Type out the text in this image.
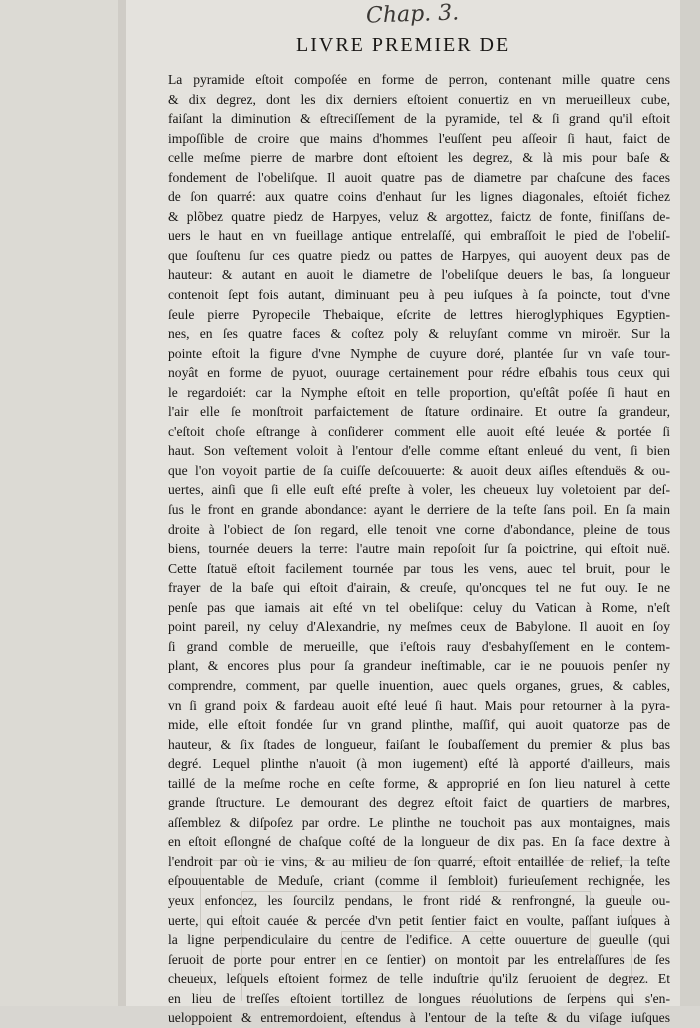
Chap. 3.
LIVRE PREMIER DE
La pyramide eſtoit compoſée en forme de perron, contenant mille quatre cens
& dix degrez, dont les dix derniers eſtoient conuertiz en vn merueilleux cube,
faiſant la diminution & eſtreciſſement de la pyramide, tel & ſi grand qu'il eſtoit
impoſſible de croire que mains d'hommes l'euſſent peu aſſeoir ſi haut, faict de
celle meſme pierre de marbre dont eſtoient les degrez, & là mis pour baſe &
fondement de l'obeliſque. Il auoit quatre pas de diametre par chaſcune des faces
de ſon quarré: aux quatre coins d'enhaut ſur les lignes diagonales, eſtoiét fichez
& plõbez quatre piedz de Harpyes, veluz & argottez, faictz de fonte, finiſſans de-
uers le haut en vn fueillage antique entrelaſſé, qui embraſſoit le pied de l'obeliſ-
que ſouſtenu ſur ces quatre piedz ou pattes de Harpyes, qui auoyent deux pas de
hauteur: & autant en auoit le diametre de l'obeliſque deuers le bas, ſa longueur
contenoit ſept fois autant, diminuant peu à peu iuſques à ſa poincte, tout d'vne
ſeule pierre Pyropecile Thebaique, eſcrite de lettres hieroglyphiques Egyptien-
nes, en ſes quatre faces & coſtez poly & reluyſant comme vn miroër. Sur la
pointe eſtoit la figure d'vne Nymphe de cuyure doré, plantée ſur vn vaſe tour-
noyât en forme de pyuot, ouurage certainement pour rédre eſbahis tous ceux qui
le regardoiét: car la Nymphe eſtoit en telle proportion, qu'eſtât poſée ſi haut en
l'air elle ſe monſtroit parfaictement de ſtature ordinaire. Et outre ſa grandeur,
c'eſtoit choſe eſtrange à conſiderer comment elle auoit eſté leuée & portée ſi
haut. Son veſtement voloit à l'entour d'elle comme eſtant enleué du vent, ſi bien
que l'on voyoit partie de ſa cuiſſe deſcouuerte: & auoit deux aiſles eſtenduës & ou-
uertes, ainſi que ſi elle euſt eſté preſte à voler, les cheueux luy voletoient par deſ-
ſus le front en grande abondance: ayant le derriere de la teſte ſans poil. En ſa main
droite à l'obiect de ſon regard, elle tenoit vne corne d'abondance, pleine de tous
biens, tournée deuers la terre: l'autre main repoſoit ſur ſa poictrine, qui eſtoit nuë.
Cette ſtatuë eſtoit facilement tournée par tous les vens, auec tel bruit, pour le
frayer de la baſe qui eſtoit d'airain, & creuſe, qu'oncques tel ne fut ouy. Ie ne
penſe pas que iamais ait eſté vn tel obeliſque: celuy du Vatican à Rome, n'eſt
point pareil, ny celuy d'Alexandrie, ny meſmes ceux de Babylone. Il auoit en ſoy
ſi grand comble de merueille, que i'eſtois rauy d'esbahyſſement en le contem-
plant, & encores plus pour ſa grandeur ineſtimable, car ie ne pouuois penſer ny
comprendre, comment, par quelle inuention, auec quels organes, grues, & cables,
vn ſi grand poix & fardeau auoit eſté leué ſi haut. Mais pour retourner à la pyra-
mide, elle eſtoit fondée ſur vn grand plinthe, maſſif, qui auoit quatorze pas de
hauteur, & ſix ſtades de longueur, faiſant le ſoubaſſement du premier & plus bas
degré. Lequel plinthe n'auoit (à mon iugement) eſté là apporté d'ailleurs, mais
taillé de la meſme roche en ceſte forme, & approprié en ſon lieu naturel à cette
grande ſtructure. Le demourant des degrez eſtoit faict de quartiers de marbres,
aſſemblez & diſpoſez par ordre. Le plinthe ne touchoit pas aux montaignes, mais
en eſtoit eſlongné de chaſque coſté de la longueur de dix pas. En ſa face dextre à
l'endroit par où ie vins, & au milieu de ſon quarré, eſtoit entaillée de relief, la teſte
eſpouuentable de Meduſe, criant (comme il ſembloit) furieuſement rechignée, les
yeux enfoncez, les ſourcilz pendans, le front ridé & renfrongné, la gueule ou-
uerte, qui eſtoit cauée & percée d'vn petit ſentier faict en voulte, paſſant iuſques à
la ligne perpendiculaire du centre de l'edifice. A cette ouuerture de gueulle (qui
ſeruoit de porte pour entrer en ce ſentier) on montoit par les entrelaſſures de ſes
cheueux, leſquels eſtoient formez de telle induſtrie qu'ilz ſeruoient de degrez. Et
en lieu de treſſes eſtoient tortillez de longues réuolutions de ſerpens qui s'en-
ueloppoient & entremordoient, eſtendus à l'entour de la teſte & du viſage iuſques
